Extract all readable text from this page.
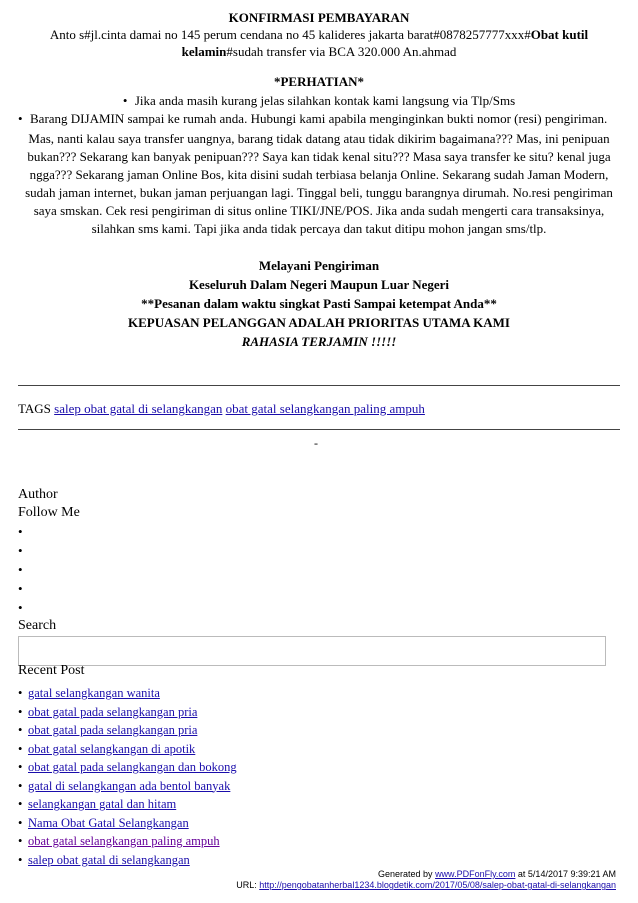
KONFIRMASI PEMBAYARAN
Anto s#jl.cinta damai no 145 perum cendana no 45 kalideres jakarta barat#0878257777xxx#Obat kutil kelamin#sudah transfer via BCA 320.000 An.ahmad
*PERHATIAN*
• Jika anda masih kurang jelas silahkan kontak kami langsung via Tlp/Sms
• Barang DIJAMIN sampai ke rumah anda. Hubungi kami apabila menginginkan bukti nomor (resi) pengiriman.
Mas, nanti kalau saya transfer uangnya, barang tidak datang atau tidak dikirim bagaimana??? Mas, ini penipuan bukan??? Sekarang kan banyak penipuan??? Saya kan tidak kenal situ??? Masa saya transfer ke situ? kenal juga ngga??? Sekarang jaman Online Bos, kita disini sudah terbiasa belanja Online. Sekarang sudah Jaman Modern, sudah jaman internet, bukan jaman perjuangan lagi. Tinggal beli, tunggu barangnya dirumah. No.resi pengiriman saya smskan. Cek resi pengiriman di situs online TIKI/JNE/POS. Jika anda sudah mengerti cara transaksinya, silahkan sms kami. Tapi jika anda tidak percaya dan takut ditipu mohon jangan sms/tlp.
Melayani Pengiriman
Keseluruh Dalam Negeri Maupun Luar Negeri
**Pesanan dalam waktu singkat Pasti Sampai ketempat Anda**
KEPUASAN PELANGGAN ADALAH PRIORITAS UTAMA KAMI
RAHASIA TERJAMIN !!!!!
TAGS salep obat gatal di selangkangan obat gatal selangkangan paling ampuh
-
Author
Follow Me
•
•
•
•
•
Search
Recent Post
• gatal selangkangan wanita
• obat gatal pada selangkangan pria
• obat gatal pada selangkangan pria
• obat gatal selangkangan di apotik
• obat gatal pada selangkangan dan bokong
• gatal di selangkangan ada bentol banyak
• selangkangan gatal dan hitam
• Nama Obat Gatal Selangkangan
• obat gatal selangkangan paling ampuh
• salep obat gatal di selangkangan
Generated by www.PDFonFly.com at 5/14/2017 9:39:21 AM
URL: http://pengobatanherbal1234.blogdetik.com/2017/05/08/salep-obat-gatal-di-selangkangan
